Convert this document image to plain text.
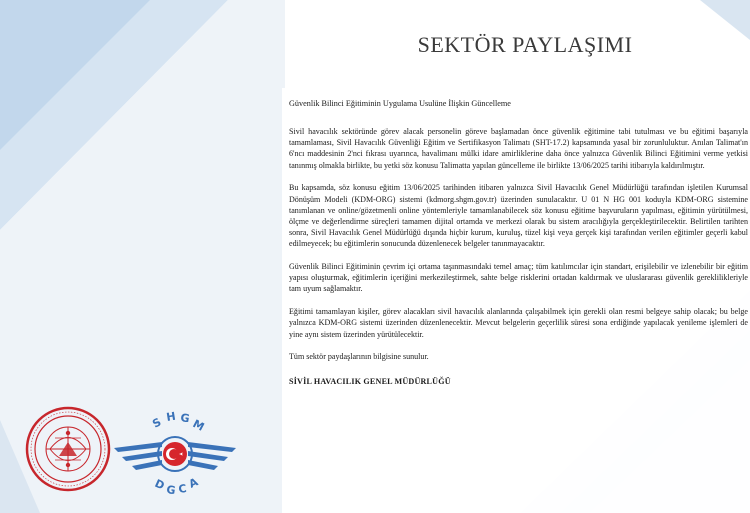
SEKTÖR PAYLAŞIMI

Güvenlik Bilinci Eğitiminin Uygulama Usulüne İlişkin Güncelleme

Sivil havacılık sektöründe görev alacak personelin göreve başlamadan önce güvenlik eğitimine tabi tutulması ve bu eğitimi başarıyla tamamlaması, Sivil Havacılık Güvenliği Eğitim ve Sertifikasyon Talimatı (SHT-17.2) kapsamında yasal bir zorunluluktur. Anılan Talimat'ın 6'ncı maddesinin 2'nci fıkrası uyarınca, havalimanı mülki idare amirliklerine daha önce yalnızca Güvenlik Bilinci Eğitimini verme yetkisi tanınmış olmakla birlikte, bu yetki söz konusu Talimatta yapılan güncelleme ile birlikte 13/06/2025 tarihi itibarıyla kaldırılmıştır.

Bu kapsamda, söz konusu eğitim 13/06/2025 tarihinden itibaren yalnızca Sivil Havacılık Genel Müdürlüğü tarafından işletilen Kurumsal Dönüşüm Modeli (KDM-ORG) sistemi (kdmorg.shgm.gov.tr) üzerinden sunulacaktır. U 01 N HG 001 koduyla KDM-ORG sistemine tanımlanan ve online/gözetmenli online yöntemleriyle tamamlanabilecek söz konusu eğitime başvuruların yapılması, eğitimin yürütülmesi, ölçme ve değerlendirme süreçleri tamamen dijital ortamda ve merkezi olarak bu sistem aracılığıyla gerçekleştirilecektir. Belirtilen tarihten sonra, Sivil Havacılık Genel Müdürlüğü dışında hiçbir kurum, kuruluş, tüzel kişi veya gerçek kişi tarafından verilen eğitimler geçerli kabul edilmeyecek; bu eğitimlerin sonucunda düzenlenecek belgeler tanınmayacaktır.

Güvenlik Bilinci Eğitiminin çevrim içi ortama taşınmasındaki temel amaç; tüm katılımcılar için standart, erişilebilir ve izlenebilir bir eğitim yapısı oluşturmak, eğitimlerin içeriğini merkezileştirmek, sahte belge risklerini ortadan kaldırmak ve uluslararası güvenlik gereklilikleriyle tam uyum sağlamaktır.

Eğitimi tamamlayan kişiler, görev alacakları sivil havacılık alanlarında çalışabilmek için gerekli olan resmi belgeye sahip olacak; bu belge yalnızca KDM-ORG sistemi üzerinden düzenlenecektir. Mevcut belgelerin geçerlilik süresi sona erdiğinde yapılacak yenileme işlemleri de yine aynı sistem üzerinden yürütülecektir.

Tüm sektör paydaşlarının bilgisine sunulur.

SİVİL HAVACILIK GENEL MÜDÜRLÜĞÜ

S H G M
D G C A
